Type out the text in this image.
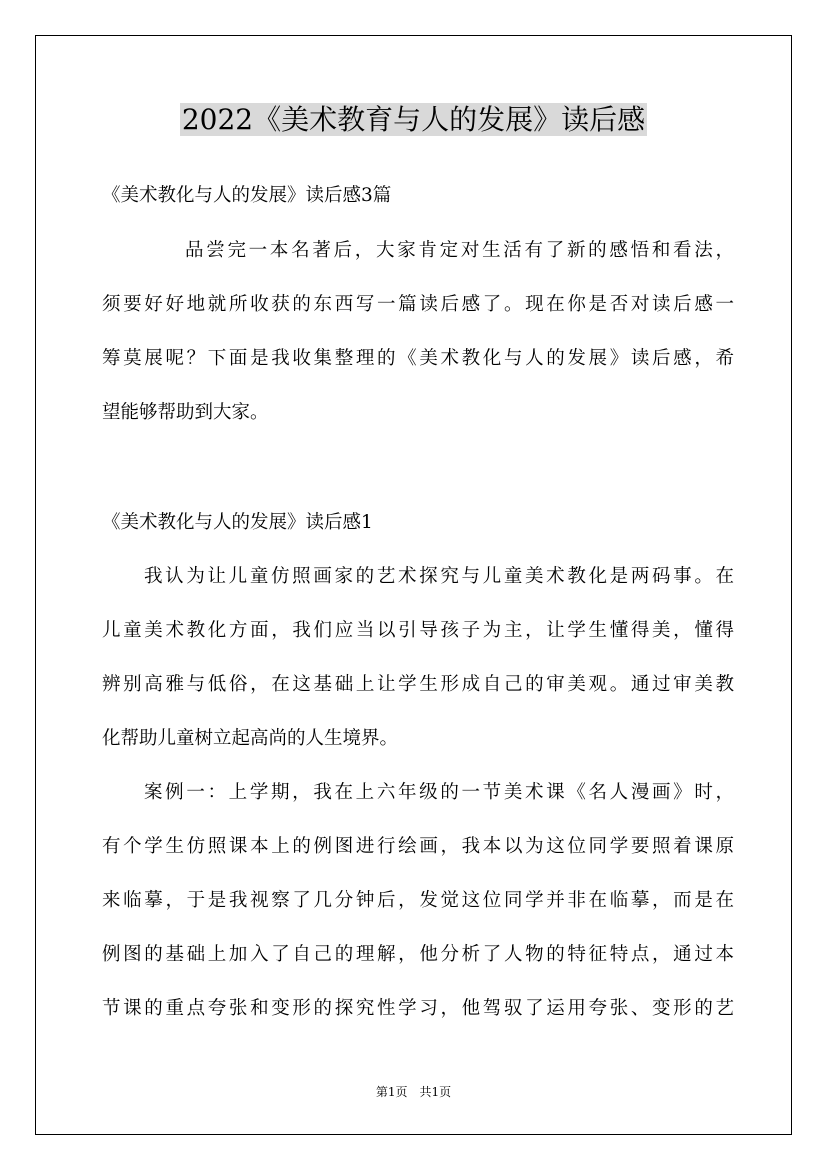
2022《美术教育与人的发展》读后感

《美术教化与人的发展》读后感3篇

品尝完一本名著后，大家肯定对生活有了新的感悟和看法，

须要好好地就所收获的东西写一篇读后感了。现在你是否对读后感一

筹莫展呢？下面是我收集整理的《美术教化与人的发展》读后感，希

望能够帮助到大家。

《美术教化与人的发展》读后感1

我认为让儿童仿照画家的艺术探究与儿童美术教化是两码事。在

儿童美术教化方面，我们应当以引导孩子为主，让学生懂得美，懂得

辨别高雅与低俗，在这基础上让学生形成自己的审美观。通过审美教

化帮助儿童树立起高尚的人生境界。

案例一：上学期，我在上六年级的一节美术课《名人漫画》时，

有个学生仿照课本上的例图进行绘画，我本以为这位同学要照着课原

来临摹，于是我视察了几分钟后，发觉这位同学并非在临摹，而是在

例图的基础上加入了自己的理解，他分析了人物的特征特点，通过本

节课的重点夸张和变形的探究性学习，他驾驭了运用夸张、变形的艺

第1页　共1页
